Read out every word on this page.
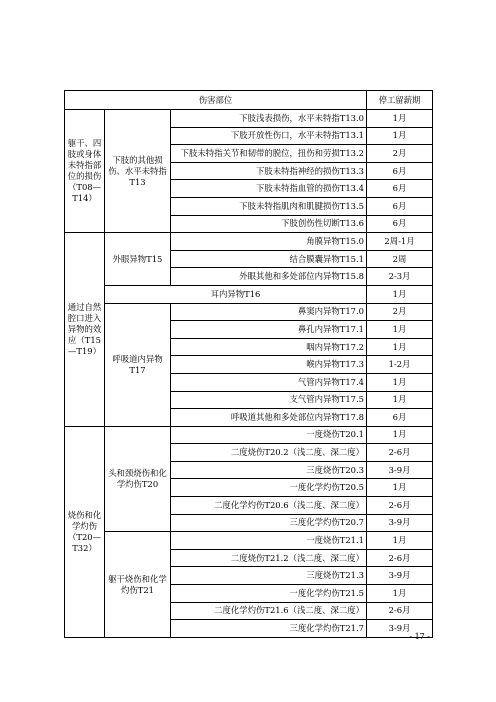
伤害部位			停工留薪期
躯干、四肢或身体未特指部位的损伤（T08—T14）	下肢的其他损伤、水平未特指T13	下肢浅表损伤，水平未特指T13.0	1月
		下肢开放性伤口，水平未特指T13.1	1月
		下肢未特指关节和韧带的脱位，扭伤和劳损T13.2	2月
		下肢未特指神经的损伤T13.3	6月
		下肢未特指血管的损伤T13.4	6月
		下肢未特指肌肉和肌腱损伤T13.5	6月
		下肢创伤性切断T13.6	6月
通过自然腔口进入异物的效应（T15—T19）	外眼异物T15	角膜异物T15.0	2周-1月
		结合膜囊异物T15.1	2周
		外眼其他和多处部位内异物T15.8	2-3月
	耳内异物T16		1月
	呼吸道内异物T17	鼻窦内异物T17.0	2月
		鼻孔内异物T17.1	1月
		咽内异物T17.2	1月
		喉内异物T17.3	1-2月
		气管内异物T17.4	1月
		支气管内异物T17.5	1月
		呼吸道其他和多处部位内异物T17.8	6月
烧伤和化学灼伤（T20—T32）	头和颈烧伤和化学灼伤T20	一度烧伤T20.1	1月
		二度烧伤T20.2（浅二度、深二度）	2-6月
		三度烧伤T20.3	3-9月
		一度化学灼伤T20.5	1月
		二度化学灼伤T20.6（浅二度、深二度）	2-6月
		三度化学灼伤T20.7	3-9月
	躯干烧伤和化学灼伤T21	一度烧伤T21.1	1月
		二度烧伤T21.2（浅二度、深二度）	2-6月
		三度烧伤T21.3	3-9月
		一度化学灼伤T21.5	1月
		二度化学灼伤T21.6（浅二度、深二度）	2-6月
		三度化学灼伤T21.7	3-9月
- 17 -
